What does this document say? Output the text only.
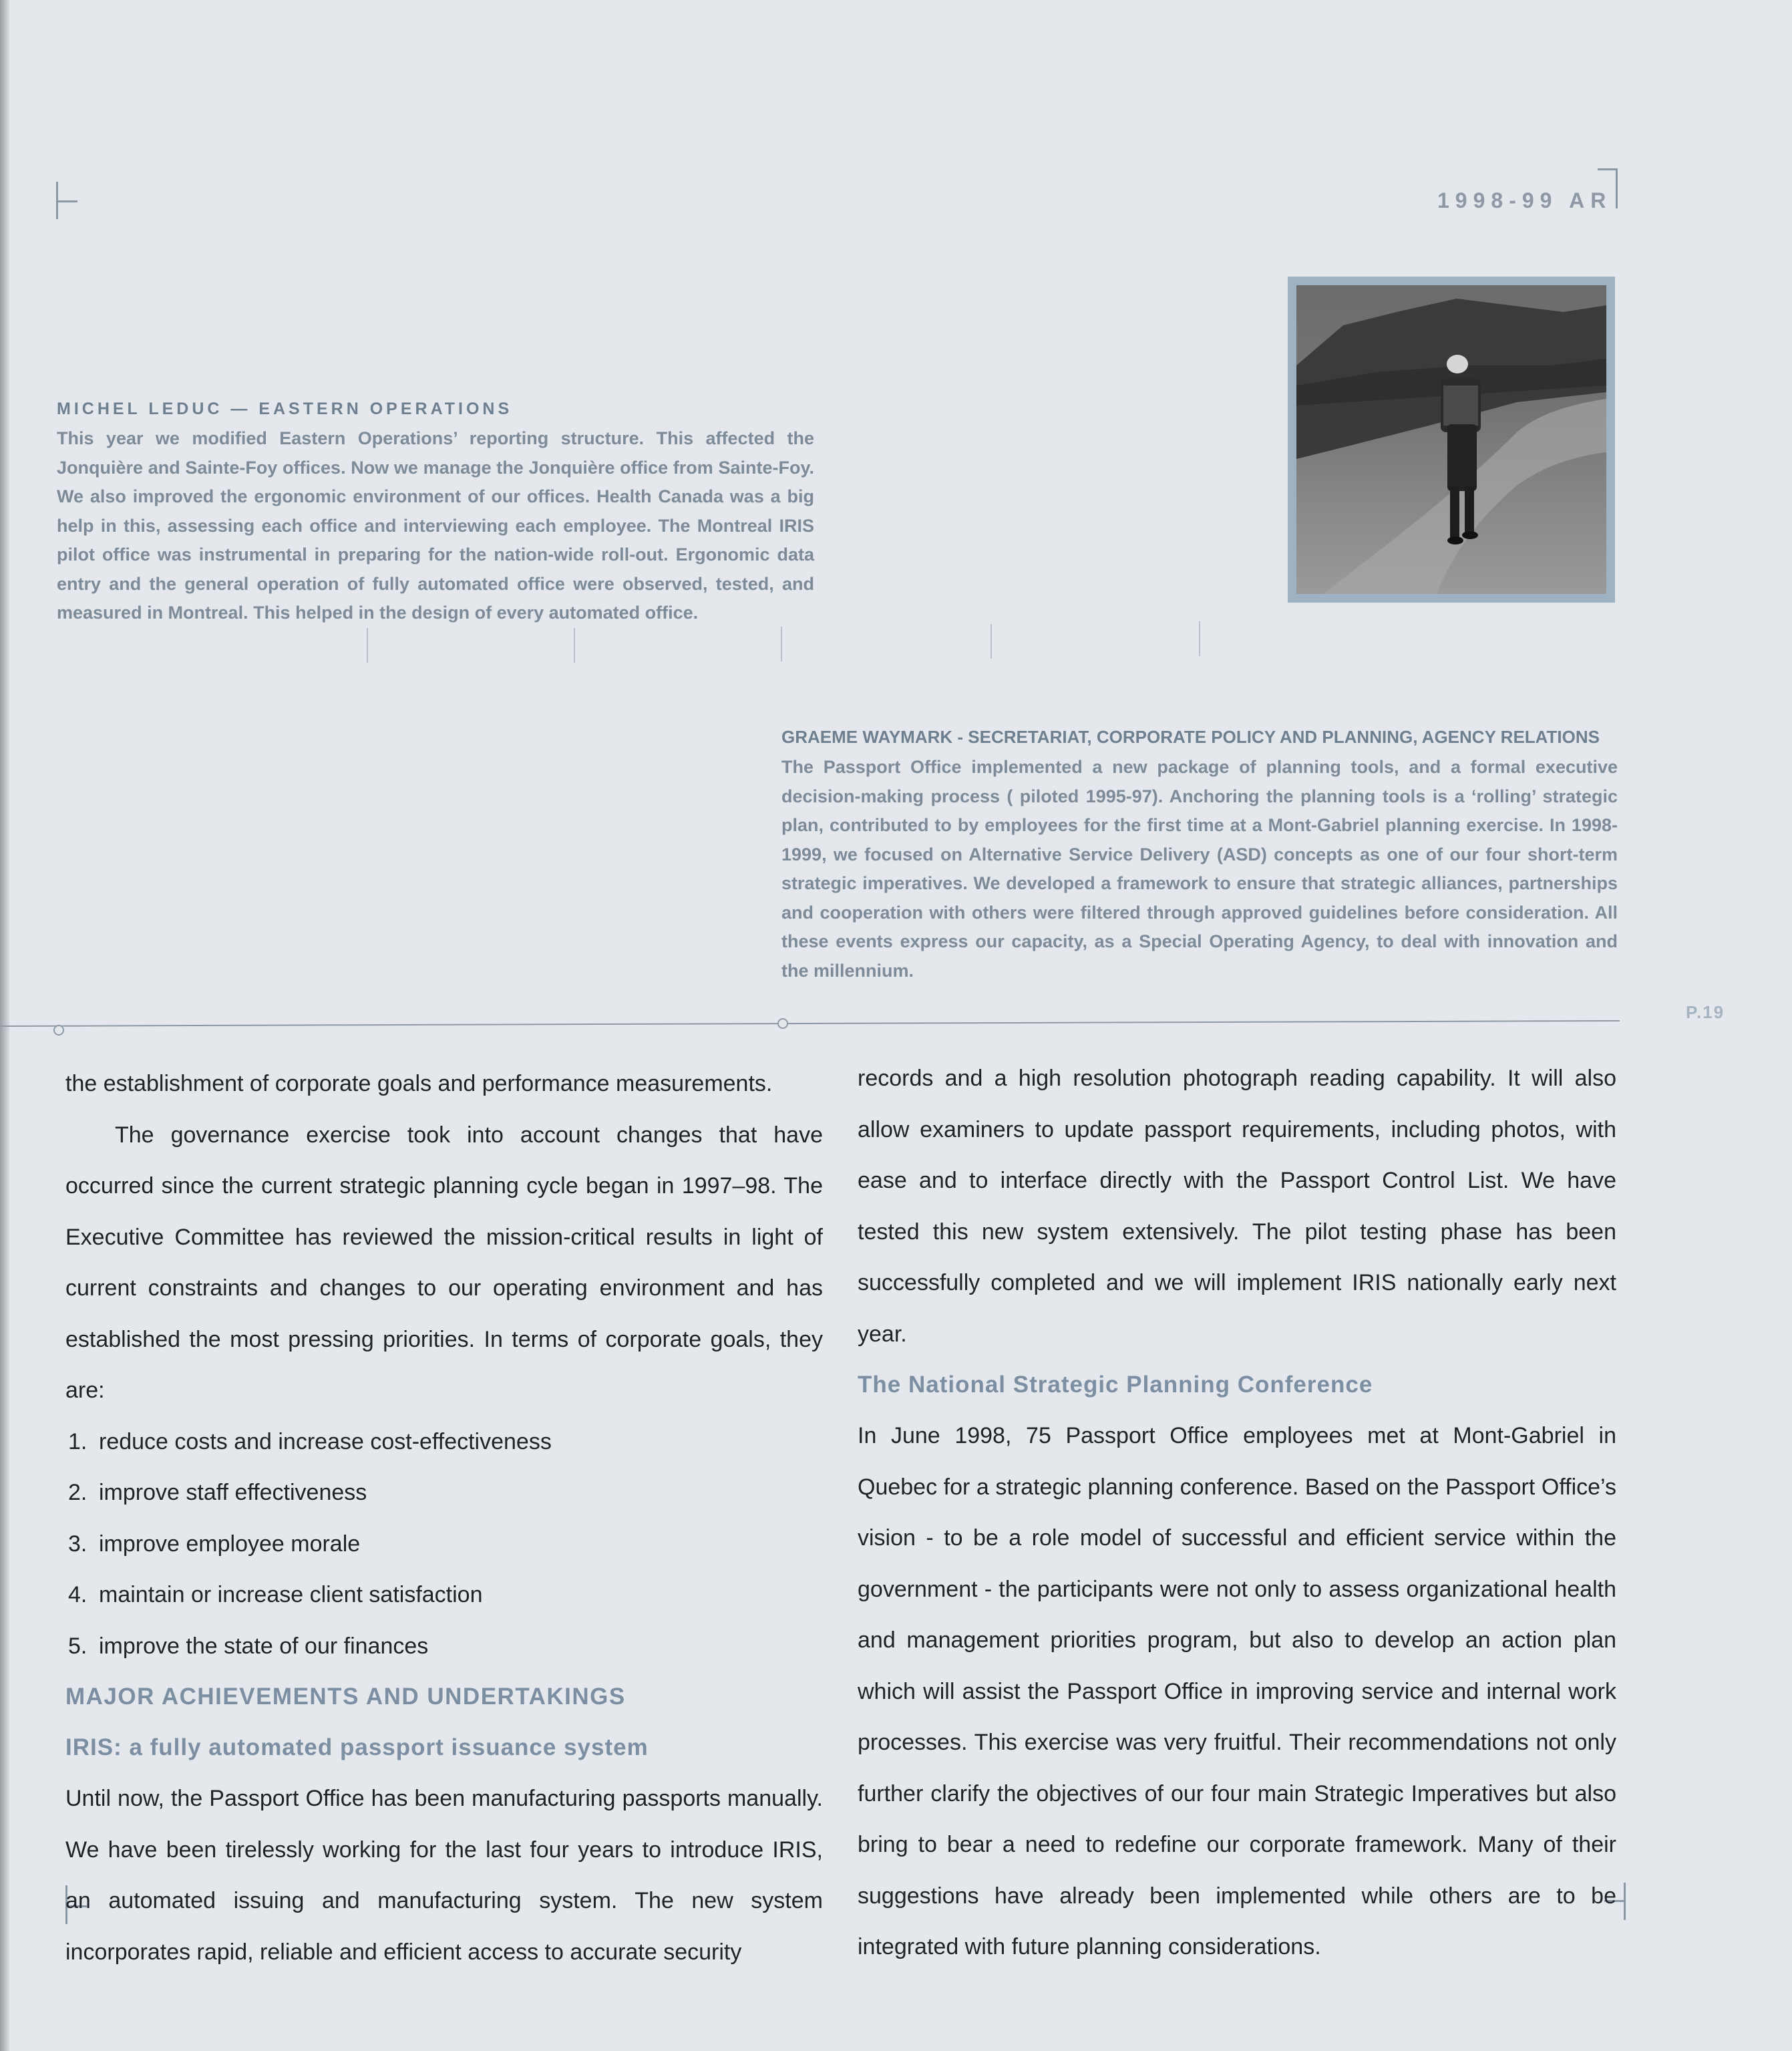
1998-99 AR

MICHEL LEDUC — EASTERN OPERATIONS

This year we modified Eastern Operations’ reporting structure. This affected the Jonquière and Sainte-Foy offices. Now we manage the Jonquière office from Sainte-Foy. We also improved the ergonomic environment of our offices. Health Canada was a big help in this, assessing each office and interviewing each employee. The Montreal IRIS pilot office was instrumental in preparing for the nation-wide roll-out. Ergonomic data entry and the general operation of fully automated office were observed, tested, and measured in Montreal. This helped in the design of every automated office.

GRAEME WAYMARK - SECRETARIAT, CORPORATE POLICY AND PLANNING, AGENCY RELATIONS

The Passport Office implemented a new package of planning tools, and a formal executive decision-making process ( piloted 1995-97). Anchoring the planning tools is a ‘rolling’ strategic plan, contributed to by employees for the first time at a Mont-Gabriel planning exercise. In 1998-1999, we focused on Alternative Service Delivery (ASD) concepts as one of our four short-term strategic imperatives. We developed a framework to ensure that strategic alliances, partnerships and cooperation with others were filtered through approved guidelines before consideration. All these events express our capacity, as a Special Operating Agency, to deal with innovation and the millennium.

P.19

the establishment of corporate goals and performance measurements.

The governance exercise took into account changes that have occurred since the current strategic planning cycle began in 1997–98. The Executive Committee has reviewed the mission-critical results in light of current constraints and changes to our operating environment and has established the most pressing priorities. In terms of corporate goals, they are:

1. reduce costs and increase cost-effectiveness
2. improve staff effectiveness
3. improve employee morale
4. maintain or increase client satisfaction
5. improve the state of our finances

MAJOR ACHIEVEMENTS AND UNDERTAKINGS

IRIS: a fully automated passport issuance system

Until now, the Passport Office has been manufacturing passports manually. We have been tirelessly working for the last four years to introduce IRIS, an automated issuing and manufacturing system. The new system incorporates rapid, reliable and efficient access to accurate security

records and a high resolution photograph reading capability. It will also allow examiners to update passport requirements, including photos, with ease and to interface directly with the Passport Control List. We have tested this new system extensively. The pilot testing phase has been successfully completed and we will implement IRIS nationally early next year.

The National Strategic Planning Conference

In June 1998, 75 Passport Office employees met at Mont-Gabriel in Quebec for a strategic planning conference. Based on the Passport Office’s vision - to be a role model of successful and efficient service within the government - the participants were not only to assess organizational health and management priorities program, but also to develop an action plan which will assist the Passport Office in improving service and internal work processes. This exercise was very fruitful. Their recommendations not only further clarify the objectives of our four main Strategic Imperatives but also bring to bear a need to redefine our corporate framework. Many of their suggestions have already been implemented while others are to be integrated with future planning considerations.
